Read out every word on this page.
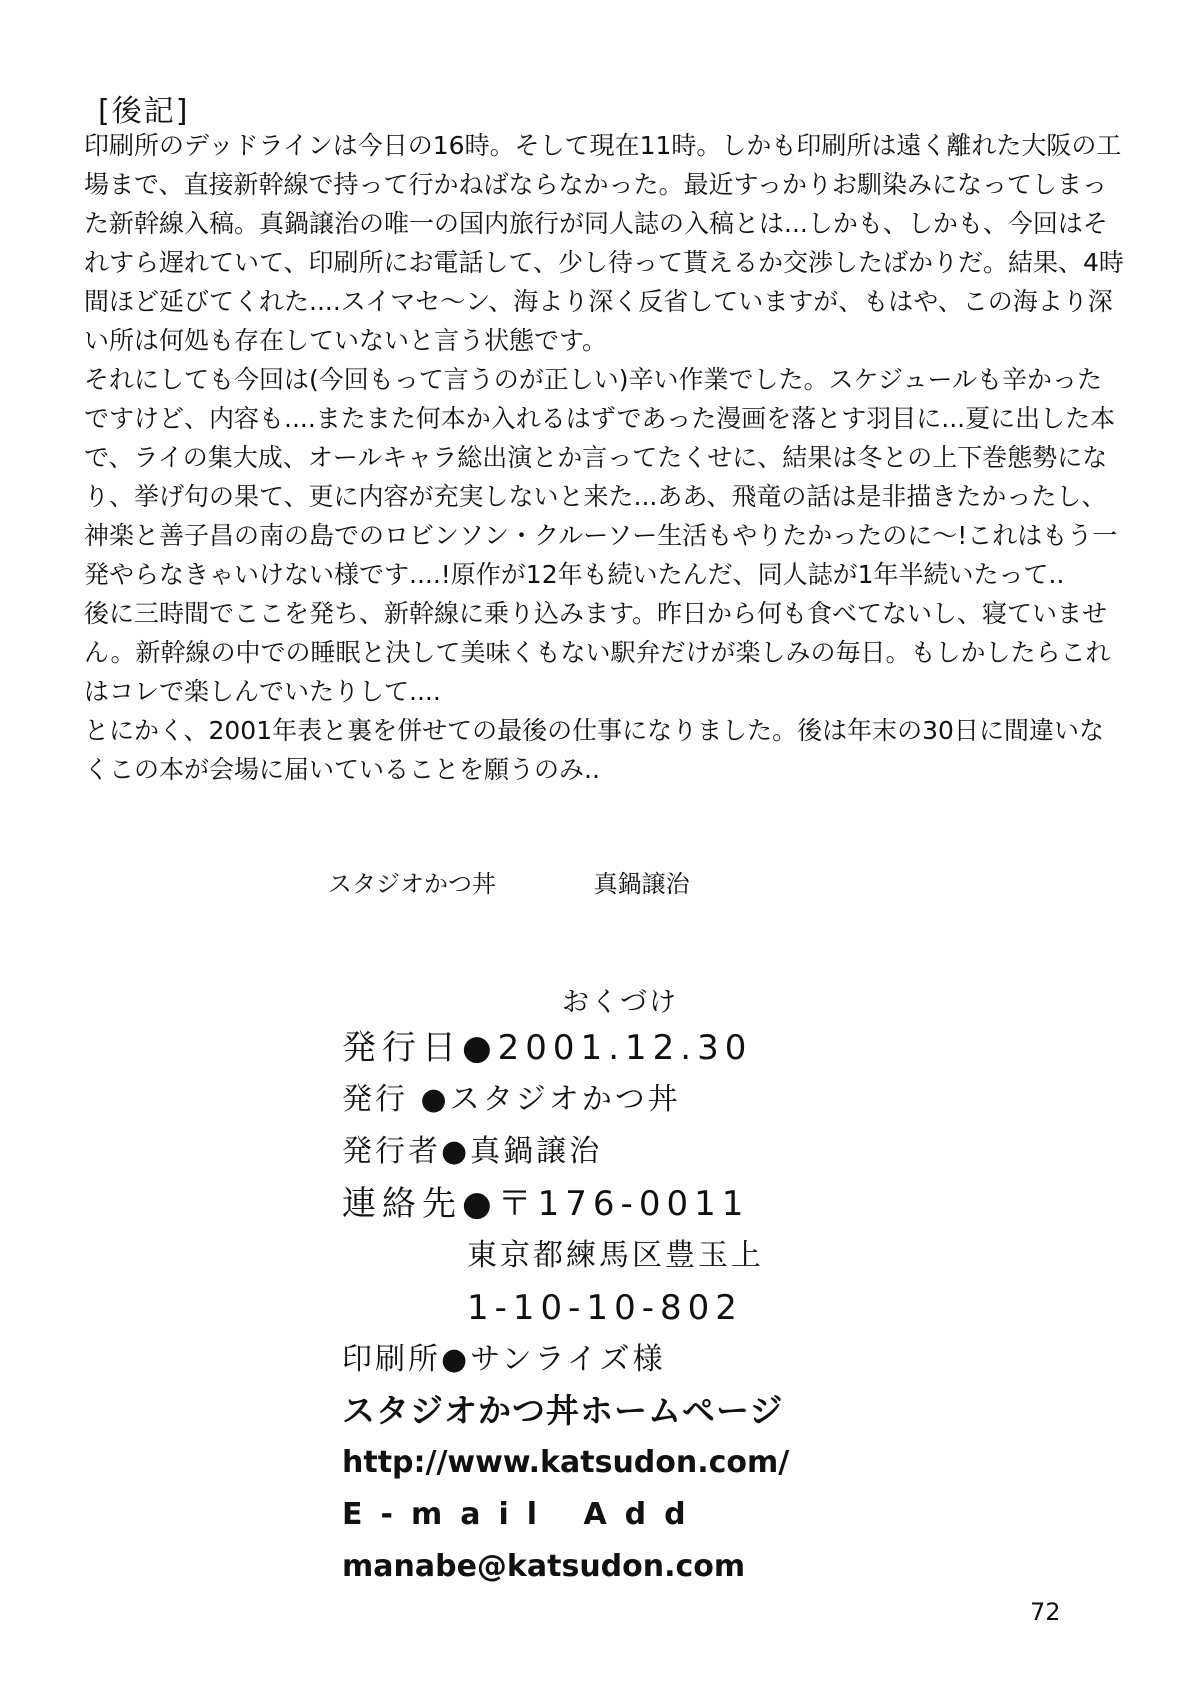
[後記]

印刷所のデッドラインは今日の16時。そして現在11時。しかも印刷所は遠く離れた大阪の工場まで、直接新幹線で持って行かねばならなかった。最近すっかりお馴染みになってしまった新幹線入稿。真鍋譲治の唯一の国内旅行が同人誌の入稿とは...しかも、しかも、今回はそれすら遅れていて、印刷所にお電話して、少し待って貰えるか交渉したばかりだ。結果、4時間ほど延びてくれた....スイマセ〜ン、海より深く反省していますが、もはや、この海より深い所は何処も存在していないと言う状態です。

それにしても今回は(今回もって言うのが正しい)辛い作業でした。スケジュールも辛かったですけど、内容も....またまた何本か入れるはずであった漫画を落とす羽目に...夏に出した本で、ライの集大成、オールキャラ総出演とか言ってたくせに、結果は冬との上下巻態勢になり、挙げ句の果て、更に内容が充実しないと来た...ああ、飛竜の話は是非描きたかったし、神楽と善子昌の南の島でのロビンソン・クルーソー生活もやりたかったのに〜!これはもう一発やらなきゃいけない様です....!原作が12年も続いたんだ、同人誌が1年半続いたって..

後に三時間でここを発ち、新幹線に乗り込みます。昨日から何も食べてないし、寝ていません。新幹線の中での睡眠と決して美味くもない駅弁だけが楽しみの毎日。もしかしたらこれはコレで楽しんでいたりして....

とにかく、2001年表と裏を併せての最後の仕事になりました。後は年末の30日に間違いなくこの本が会場に届いていることを願うのみ..

スタジオかつ丼	真鍋譲治
おくづけ
発行日●2001.12.30
発行 ●スタジオかつ丼
発行者●真鍋譲治
連絡先●〒176-0011
東京都練馬区豊玉上
1-10-10-802
印刷所●サンライズ様
スタジオかつ丼ホームページ
http://www.katsudon.com/
E-mail Add
manabe@katsudon.com
72
